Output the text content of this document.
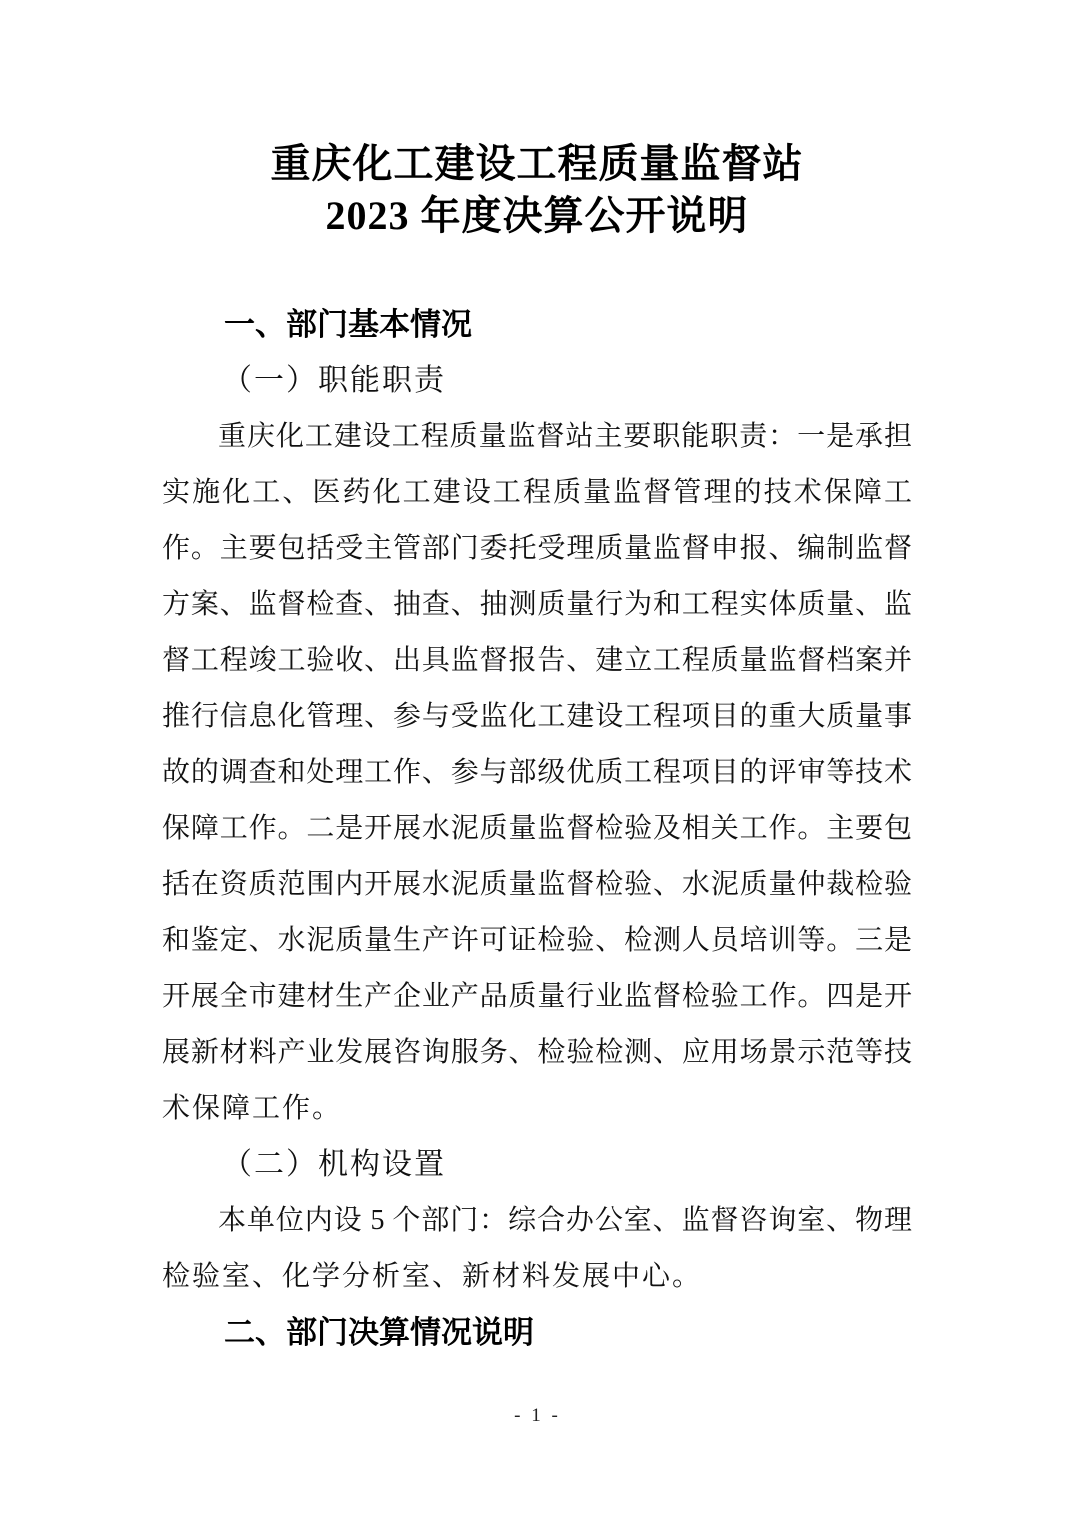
重庆化工建设工程质量监督站
2023 年度决算公开说明
一、部门基本情况
（一）职能职责
重庆化工建设工程质量监督站主要职能职责：一是承担
实施化工、医药化工建设工程质量监督管理的技术保障工
作。主要包括受主管部门委托受理质量监督申报、编制监督
方案、监督检查、抽查、抽测质量行为和工程实体质量、监
督工程竣工验收、出具监督报告、建立工程质量监督档案并
推行信息化管理、参与受监化工建设工程项目的重大质量事
故的调查和处理工作、参与部级优质工程项目的评审等技术
保障工作。二是开展水泥质量监督检验及相关工作。主要包
括在资质范围内开展水泥质量监督检验、水泥质量仲裁检验
和鉴定、水泥质量生产许可证检验、检测人员培训等。三是
开展全市建材生产企业产品质量行业监督检验工作。四是开
展新材料产业发展咨询服务、检验检测、应用场景示范等技
术保障工作。
（二）机构设置
本单位内设 5 个部门：综合办公室、监督咨询室、物理
检验室、化学分析室、新材料发展中心。
二、部门决算情况说明
- 1 -
